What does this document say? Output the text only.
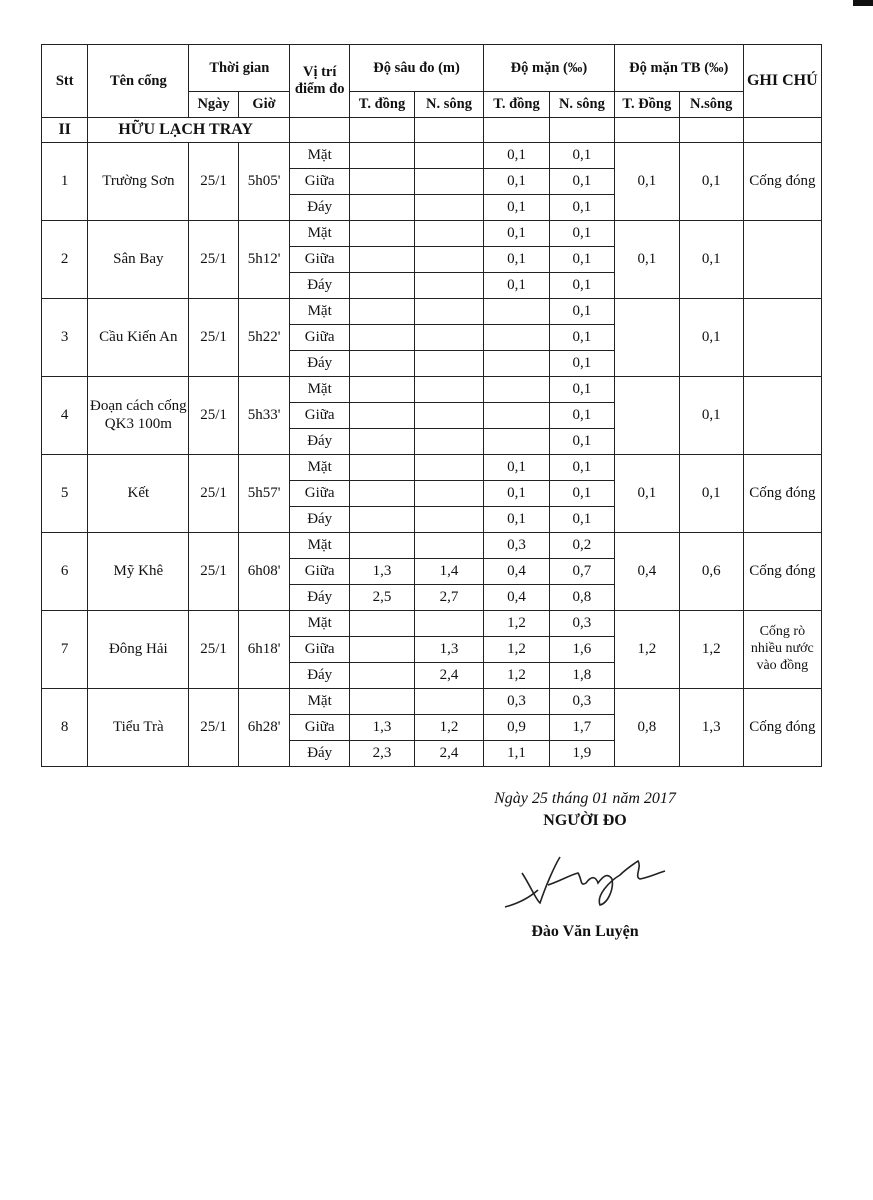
Stt	Tên cống	Thời gian		Vị trí điểm đo	Độ sâu đo (m)		Độ mặn (‰)		Độ mặn TB (‰)		GHI CHÚ
		Ngày	Giờ		T. đồng	N. sông	T. đồng	N. sông	T. Đồng	N.sông	
II	HỮU LẠCH TRAY										
1	Trường Sơn	25/1	5h05'	Mặt			0,1	0,1	0,1	0,1	Cống đóng

				Giữa			0,1	0,1			
				Đáy			0,1	0,1			
2	Sân Bay	25/1	5h12'	Mặt			0,1	0,1	0,1	0,1	

				Giữa			0,1	0,1			
				Đáy			0,1	0,1			
3	Cầu Kiến An	25/1	5h22'	Mặt				0,1		0,1	

				Giữa				0,1			
				Đáy				0,1			
4	Đoạn cách cống QK3 100m	25/1	5h33'	Mặt				0,1		0,1	

				Giữa				0,1			
				Đáy				0,1			
5	Kết	25/1	5h57'	Mặt			0,1	0,1	0,1	0,1	Cống đóng

				Giữa			0,1	0,1			
				Đáy			0,1	0,1			
6	Mỹ Khê	25/1	6h08'	Mặt			0,3	0,2	0,4	0,6	Cống đóng

				Giữa	1,3	1,4	0,4	0,7			
				Đáy	2,5	2,7	0,4	0,8			
7	Đông Hải	25/1	6h18'	Mặt			1,2	0,3	1,2	1,2	Cống rò nhiều nước vào đồng

				Giữa		1,3	1,2	1,6			
				Đáy		2,4	1,2	1,8			
8	Tiểu Trà	25/1	6h28'	Mặt			0,3	0,3	0,8	1,3	Cống đóng

				Giữa	1,3	1,2	0,9	1,7			
				Đáy	2,3	2,4	1,1	1,9			
Ngày 25 tháng 01 năm 2017
NGƯỜI ĐO
Đào Văn Luyện
